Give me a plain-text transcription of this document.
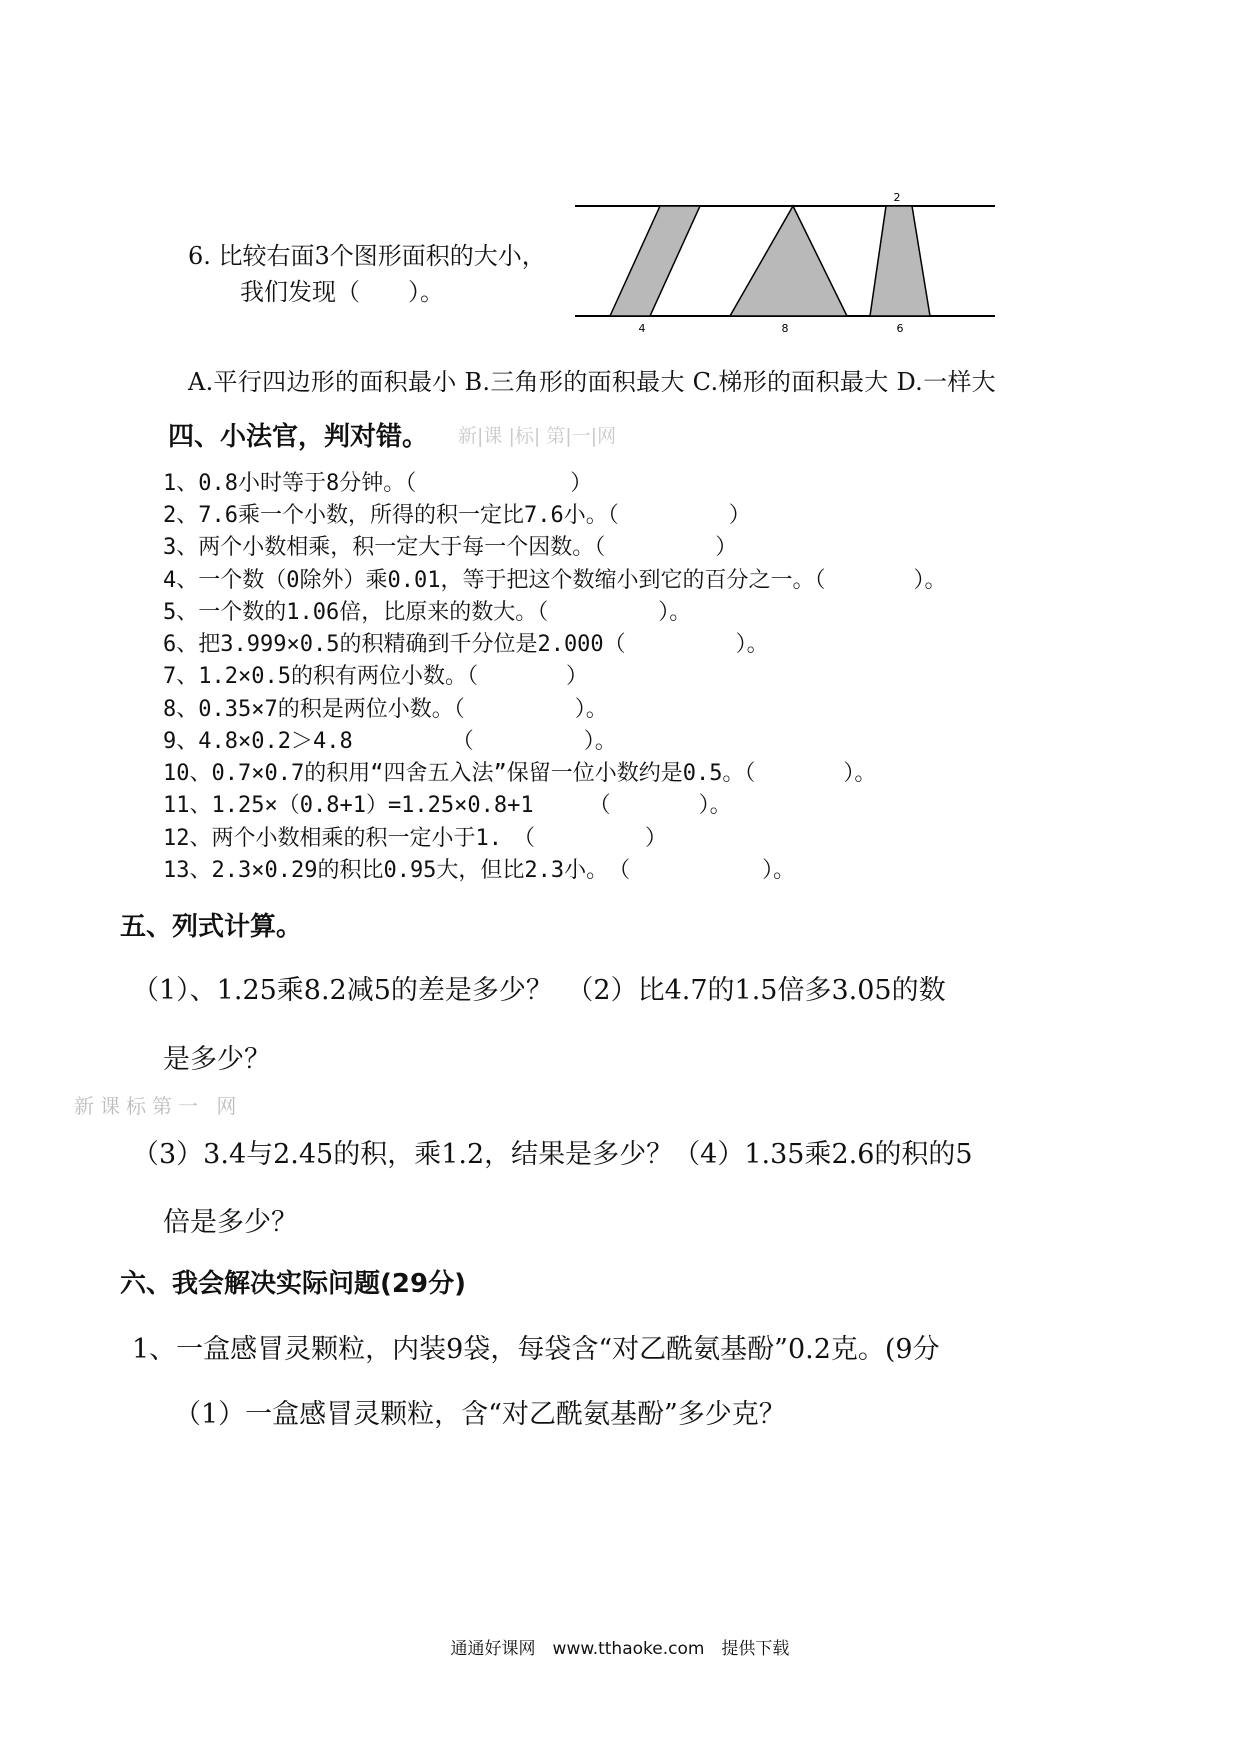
6. 比较右面3个图形面积的大小，
我们发现（　　）。
2
4	8	6
A.平行四边形的面积最小 B.三角形的面积最大 C.梯形的面积最大 D.一样大
四、小法官，判对错。 新|课 |标| 第|一|网
1、0.8小时等于8分钟。（　　　　　　　）
2、7.6乘一个小数，所得的积一定比7.6小。（　　　　　）
3、两个小数相乘，积一定大于每一个因数。（　　　　　）
4、一个数（0除外）乘0.01，等于把这个数缩小到它的百分之一。（　　　　）。
5、一个数的1.06倍，比原来的数大。（　　　　　）。
6、把3.999×0.5的积精确到千分位是2.000（　　　　　）。
7、1.2×0.5的积有两位小数。（　　　　）
8、0.35×7的积是两位小数。（　　　　　）。
9、4.8×0.2＞4.8　　　　　（　　　　　）。
10、0.7×0.7的积用“四舍五入法”保留一位小数约是0.5。（　　　　）。
11、1.25×（0.8+1）=1.25×0.8+1　　　（　　　　）。
12、两个小数相乘的积一定小于1.　（　　　　　）
13、2.3×0.29的积比0.95大，但比2.3小。　（　　　　　　）。
五、列式计算。
（1）、1.25乘8.2减5的差是多少？　（2）比4.7的1.5倍多3.05的数
是多少？
新课标第一 网
（3）3.4与2.45的积，乘1.2，结果是多少？（4）1.35乘2.6的积的5
倍是多少？
六、我会解决实际问题(29分)
1、一盒感冒灵颗粒，内装9袋，每袋含“对乙酰氨基酚”0.2克。(9分
（1）一盒感冒灵颗粒，含“对乙酰氨基酚”多少克？
通通好课网　www.tthaoke.com　提供下载
